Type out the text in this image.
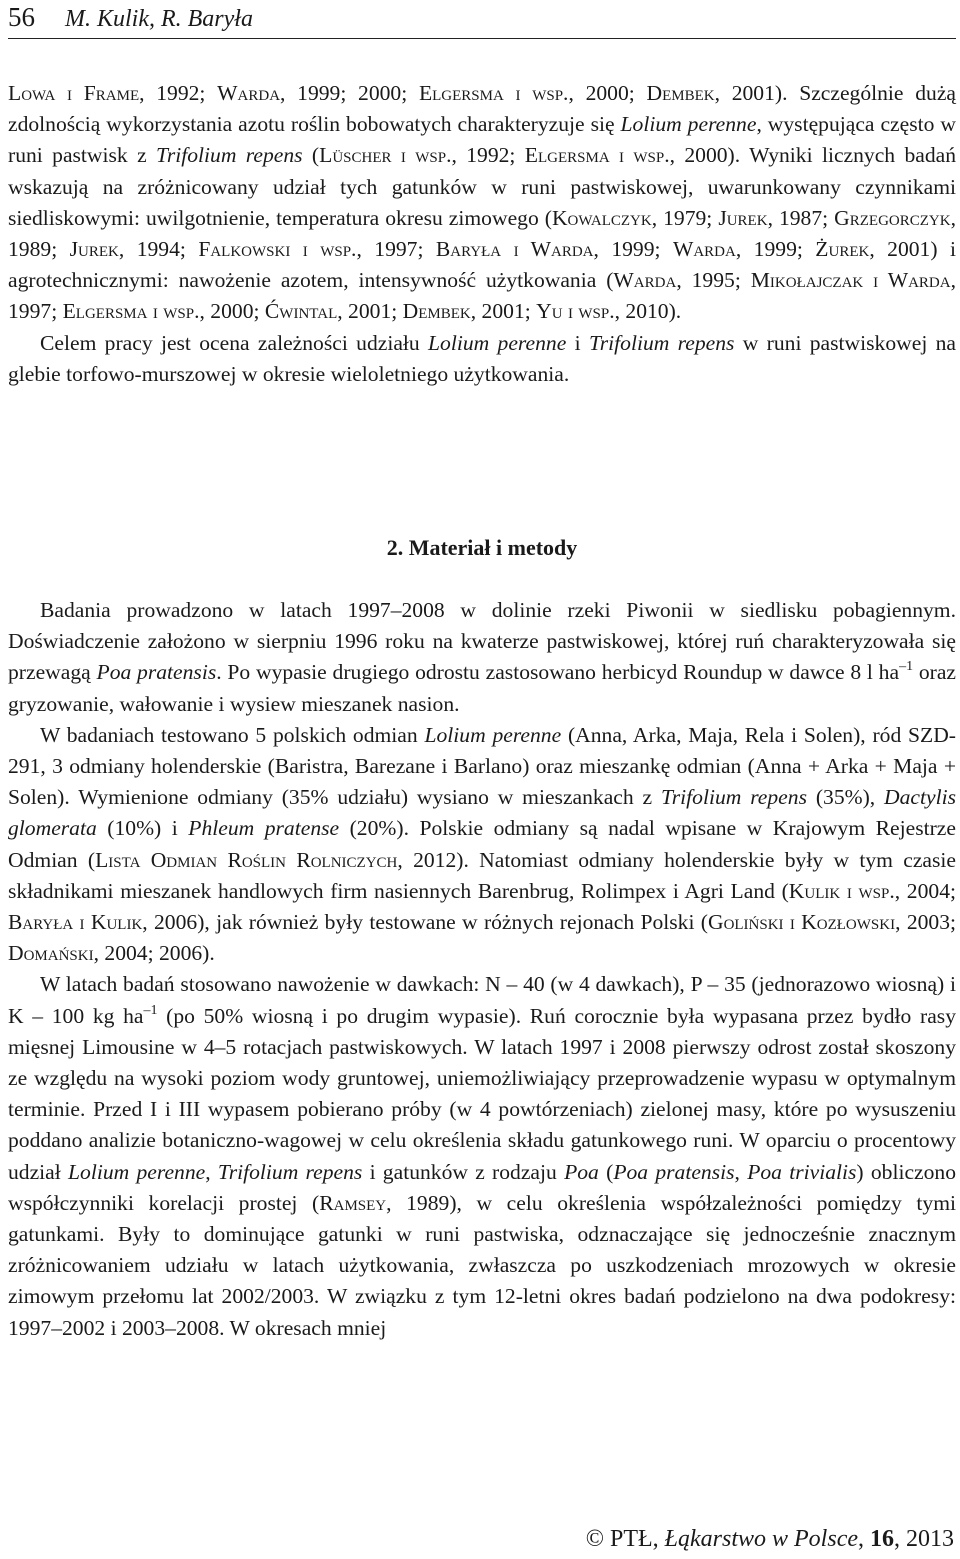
56 M. Kulik, R. Baryła

Lowa i Frame, 1992; Warda, 1999; 2000; Elgersma i wsp., 2000; Dembek, 2001). Szczególnie dużą zdolnością wykorzystania azotu roślin bobowatych charakteryzuje się Lolium perenne, występująca często w runi pastwisk z Trifolium repens (Lüscher i wsp., 1992; Elgersma i wsp., 2000). Wyniki licznych badań wskazują na zróżnicowany udział tych gatunków w runi pastwiskowej, uwarunkowany czynnikami siedliskowymi: uwilgotnienie, temperatura okresu zimowego (Kowalczyk, 1979; Jurek, 1987; Grzegorczyk, 1989; Jurek, 1994; Falkowski i wsp., 1997; Baryła i Warda, 1999; Warda, 1999; Żurek, 2001) i agrotechnicznymi: nawożenie azotem, intensywność użytkowania (Warda, 1995; Mikołajczak i Warda, 1997; Elgersma i wsp., 2000; Ćwintal, 2001; Dembek, 2001; Yu i wsp., 2010).

Celem pracy jest ocena zależności udziału Lolium perenne i Trifolium repens w runi pastwiskowej na glebie torfowo-murszowej w okresie wieloletniego użytkowania.

2. Materiał i metody

Badania prowadzono w latach 1997–2008 w dolinie rzeki Piwonii w siedlisku pobagiennym. Doświadczenie założono w sierpniu 1996 roku na kwaterze pastwiskowej, której ruń charakteryzowała się przewagą Poa pratensis. Po wypasie drugiego odrostu zastosowano herbicyd Roundup w dawce 8 l $ha^{-1}$ oraz gryzowanie, wałowanie i wysiew mieszanek nasion.

W badaniach testowano 5 polskich odmian Lolium perenne (Anna, Arka, Maja, Rela i Solen), ród SZD-291, 3 odmiany holenderskie (Baristra, Barezane i Barlano) oraz mieszankę odmian (Anna + Arka + Maja + Solen). Wymienione odmiany (35% udziału) wysiano w mieszankach z Trifolium repens (35%), Dactylis glomerata (10%) i Phleum pratense (20%). Polskie odmiany są nadal wpisane w Krajowym Rejestrze Odmian (Lista Odmian Roślin Rolniczych, 2012). Natomiast odmiany holenderskie były w tym czasie składnikami mieszanek handlowych firm nasiennych Barenbrug, Rolimpex i Agri Land (Kulik i wsp., 2004; Baryła i Kulik, 2006), jak również były testowane w różnych rejonach Polski (Goliński i Kozłowski, 2003; Domański, 2004; 2006).

W latach badań stosowano nawożenie w dawkach: N – 40 (w 4 dawkach), P – 35 (jednorazowo wiosną) i K – 100 kg $ha^{-1}$ (po 50% wiosną i po drugim wypasie). Ruń corocznie była wypasana przez bydło rasy mięsnej Limousine w 4–5 rotacjach pastwiskowych. W latach 1997 i 2008 pierwszy odrost został skoszony ze względu na wysoki poziom wody gruntowej, uniemożliwiający przeprowadzenie wypasu w optymalnym terminie. Przed I i III wypasem pobierano próby (w 4 powtórzeniach) zielonej masy, które po wysuszeniu poddano analizie botaniczno-wagowej w celu określenia składu gatunkowego runi. W oparciu o procentowy udział Lolium perenne, Trifolium repens i gatunków z rodzaju Poa (Poa pratensis, Poa trivialis) obliczono współczynniki korelacji prostej (Ramsey, 1989), w celu określenia współzależności pomiędzy tymi gatunkami. Były to dominujące gatunki w runi pastwiska, odznaczające się jednocześnie znacznym zróżnicowaniem udziału w latach użytkowania, zwłaszcza po uszkodzeniach mrozowych w okresie zimowym przełomu lat 2002/2003. W związku z tym 12-letni okres badań podzielono na dwa podokresy: 1997–2002 i 2003–2008. W okresach mniej

© PTŁ, Łąkarstwo w Polsce, 16, 2013
